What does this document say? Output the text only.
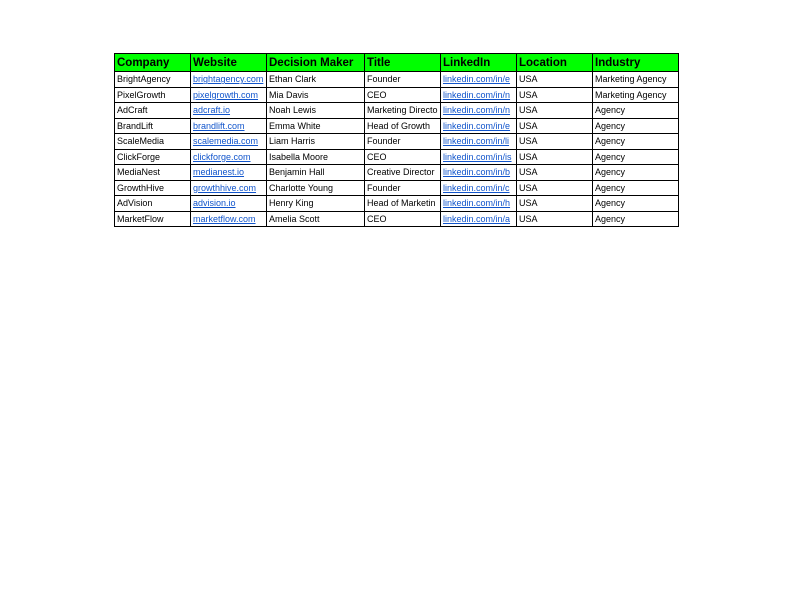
Company	Website	Decision Maker	Title	LinkedIn	Location	Industry
BrightAgency	brightagency.com	Ethan Clark	Founder	linkedin.com/in/e	USA	Marketing Agency
PixelGrowth	pixelgrowth.com	Mia Davis	CEO	linkedin.com/in/n	USA	Marketing Agency
AdCraft	adcraft.io	Noah Lewis	Marketing Directo	linkedin.com/in/n	USA	Agency
BrandLift	brandlift.com	Emma White	Head of Growth	linkedin.com/in/e	USA	Agency
ScaleMedia	scalemedia.com	Liam Harris	Founder	linkedin.com/in/li	USA	Agency
ClickForge	clickforge.com	Isabella Moore	CEO	linkedin.com/in/is	USA	Agency
MediaNest	medianest.io	Benjamin Hall	Creative Director	linkedin.com/in/b	USA	Agency
GrowthHive	growthhive.com	Charlotte Young	Founder	linkedin.com/in/c	USA	Agency
AdVision	advision.io	Henry King	Head of Marketin	linkedin.com/in/h	USA	Agency
MarketFlow	marketflow.com	Amelia Scott	CEO	linkedin.com/in/a	USA	Agency
